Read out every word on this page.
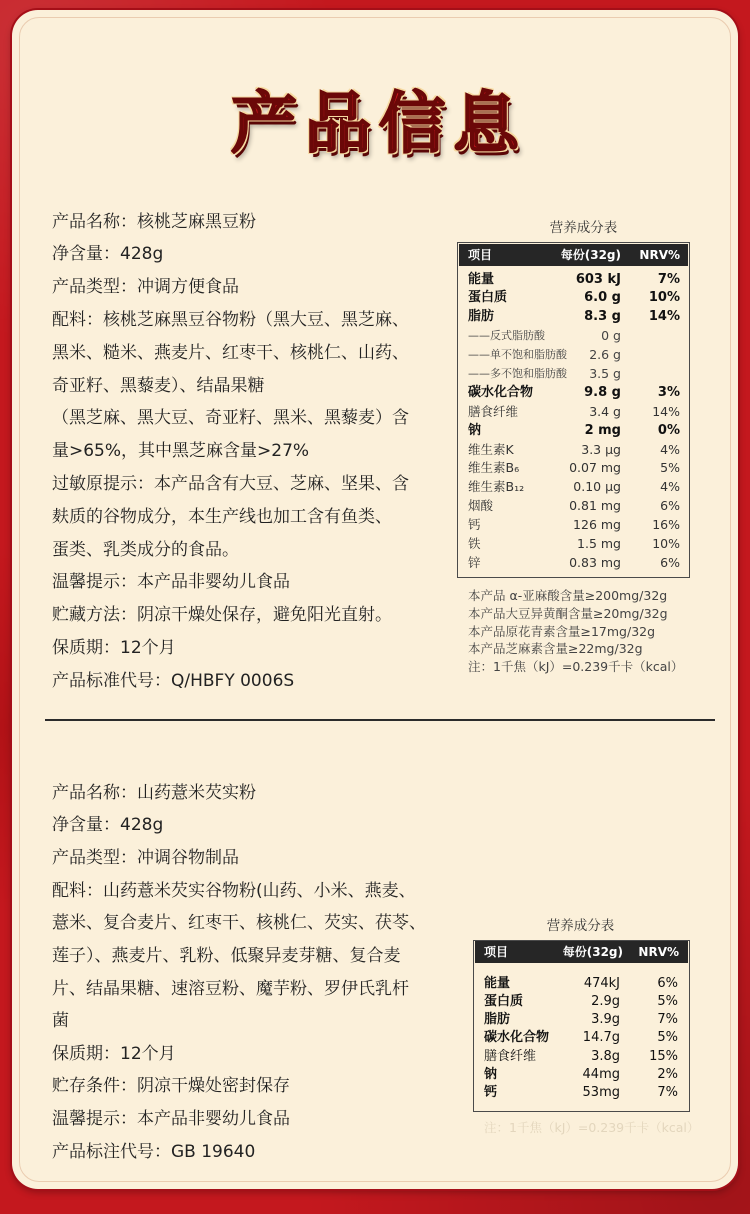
产品信息
产品名称：核桃芝麻黑豆粉
净含量：428g
产品类型：冲调方便食品
配料：核桃芝麻黑豆谷物粉（黑大豆、黑芝麻、
黑米、糙米、燕麦片、红枣干、核桃仁、山药、
奇亚籽、黑藜麦）、结晶果糖
（黑芝麻、黑大豆、奇亚籽、黑米、黑藜麦）含
量>65%，其中黑芝麻含量>27%
过敏原提示：本产品含有大豆、芝麻、坚果、含
麸质的谷物成分，本生产线也加工含有鱼类、
蛋类、乳类成分的食品。
温馨提示：本产品非婴幼儿食品
贮藏方法：阴凉干燥处保存，避免阳光直射。
保质期：12个月
产品标准代号：Q/HBFY 0006S
营养成分表
项目	每份(32g) NRV%
能量	603 kJ	7%
蛋白质	6.0 g 10%
脂肪	8.3 g 14%
——反式脂肪酸	0 g
——单不饱和脂肪酸 2.6 g
——多不饱和脂肪酸 3.5 g
碳水化合物	9.8 g	3%
膳食纤维	3.4 g 14%
钠	2 mg	0%
维生素K	3.3 μg	4%
维生素B₆	0.07 mg	5%
维生素B₁₂	0.10 μg	4%
烟酸	0.81 mg	6%
钙	126 mg 16%
铁	1.5 mg 10%
锌	0.83 mg	6%
本产品 α-亚麻酸含量≥200mg/32g
本产品大豆异黄酮含量≥20mg/32g
本产品原花青素含量≥17mg/32g
本产品芝麻素含量≥22mg/32g
注：1千焦（kJ）=0.239千卡（kcal）
产品名称：山药薏米芡实粉
净含量：428g
产品类型：冲调谷物制品
配料：山药薏米芡实谷物粉(山药、小米、燕麦、
薏米、复合麦片、红枣干、核桃仁、芡实、茯苓、
莲子）、燕麦片、乳粉、低聚异麦芽糖、复合麦
片、结晶果糖、速溶豆粉、魔芋粉、罗伊氏乳杆
菌
保质期：12个月
贮存条件：阴凉干燥处密封保存
温馨提示：本产品非婴幼儿食品
产品标注代号：GB 19640
营养成分表
项目	每份(32g) NRV%
能量	474kJ	6%
蛋白质	2.9g	5%
脂肪	3.9g	7%
碳水化合物	14.7g	5%
膳食纤维	3.8g 15%
钠	44mg	2%
钙	53mg	7%
注：1千焦（kJ）=0.239千卡（kcal）
